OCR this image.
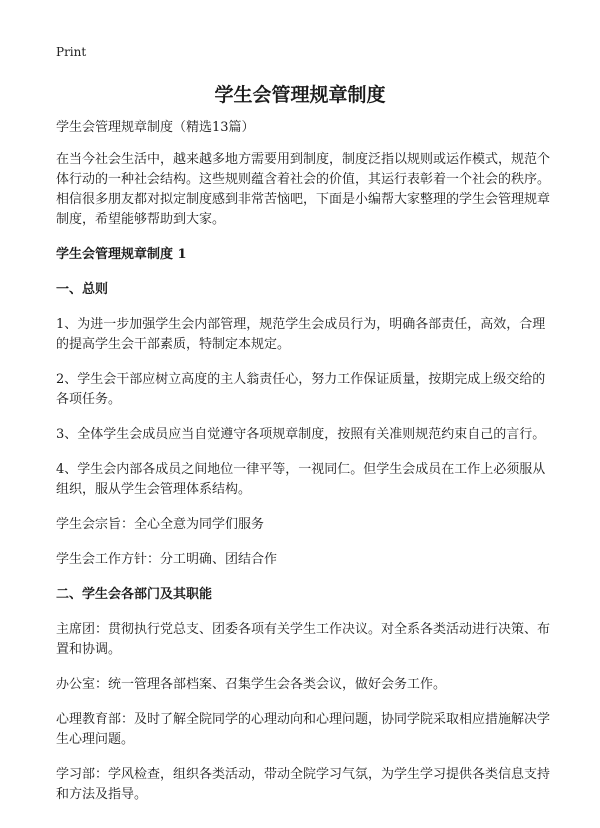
Print
学生会管理规章制度

学生会管理规章制度（精选13篇）

在当今社会生活中，越来越多地方需要用到制度，制度泛指以规则或运作模式，规范个体行动的一种社会结构。这些规则蕴含着社会的价值，其运行表彰着一个社会的秩序。相信很多朋友都对拟定制度感到非常苦恼吧，下面是小编帮大家整理的学生会管理规章制度，希望能够帮助到大家。

学生会管理规章制度 1

一、总则

1、为进一步加强学生会内部管理，规范学生会成员行为，明确各部责任，高效，合理的提高学生会干部素质，特制定本规定。

2、学生会干部应树立高度的主人翁责任心，努力工作保证质量，按期完成上级交给的各项任务。

3、全体学生会成员应当自觉遵守各项规章制度，按照有关准则规范约束自己的言行。

4、学生会内部各成员之间地位一律平等，一视同仁。但学生会成员在工作上必须服从组织，服从学生会管理体系结构。

学生会宗旨：全心全意为同学们服务

学生会工作方针：分工明确、团结合作

二、学生会各部门及其职能

主席团：贯彻执行党总支、团委各项有关学生工作决议。对全系各类活动进行决策、布置和协调。

办公室：统一管理各部档案、召集学生会各类会议，做好会务工作。

心理教育部：及时了解全院同学的心理动向和心理问题，协同学院采取相应措施解决学生心理问题。

学习部：学风检查，组织各类活动，带动全院学习气氛，为学生学习提供各类信息支持和方法及指导。
